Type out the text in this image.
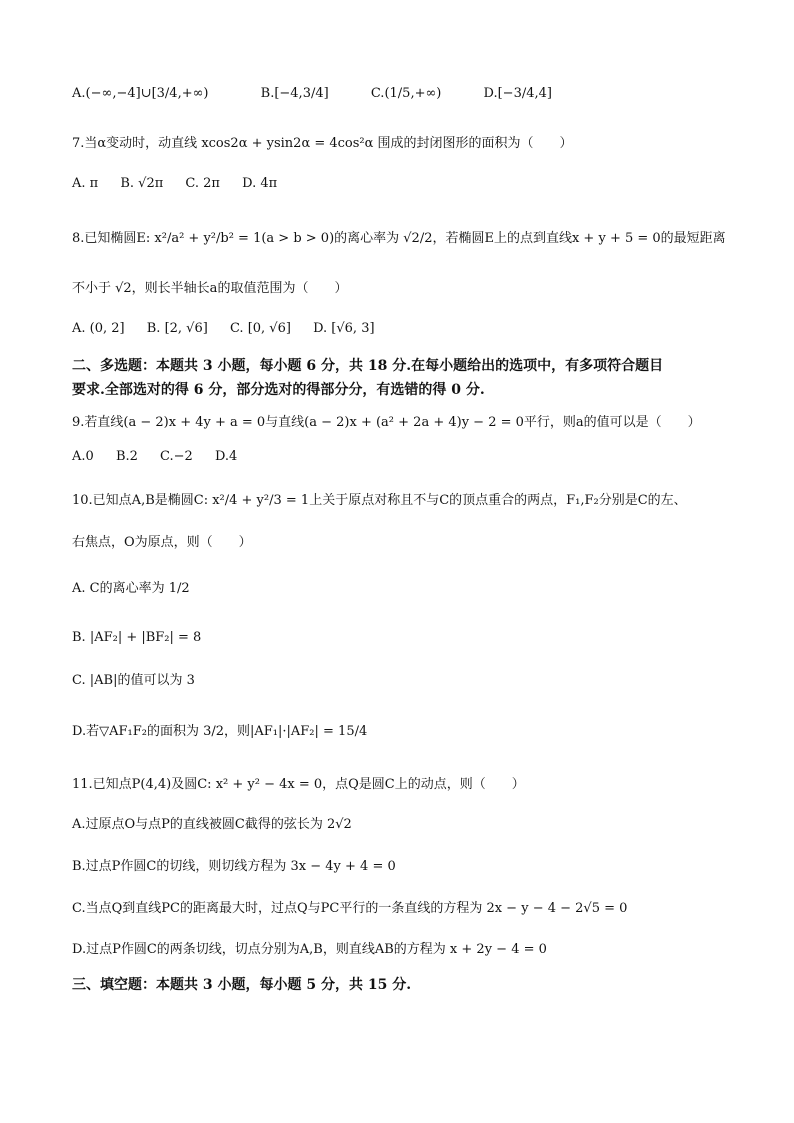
A.(−∞,−4]∪[3/4,+∞)	B.[−4,3/4]	C.(1/5,+∞)	D.[−3/4,4]
7.当α变动时，动直线 xcos2α + ysin2α = 4cos²α 围成的封闭图形的面积为（　　）
A. π B. √2π C. 2π D. 4π
8.已知椭圆E: x²/a² + y²/b² = 1(a > b > 0)的离心率为 √2/2，若椭圆E上的点到直线x + y + 5 = 0的最短距离
不小于 √2，则长半轴长a的取值范围为（　　）
A. (0, 2] B. [2, √6] C. [0, √6] D. [√6, 3]
二、多选题：本题共 3 小题，每小题 6 分，共 18 分.在每小题给出的选项中，有多项符合题目
要求.全部选对的得 6 分，部分选对的得部分分，有选错的得 0 分.
9.若直线(a − 2)x + 4y + a = 0与直线(a − 2)x + (a² + 2a + 4)y − 2 = 0平行，则a的值可以是（　　）
A.0 B.2 C.−2 D.4
10.已知点A,B是椭圆C: x²/4 + y²/3 = 1上关于原点对称且不与C的顶点重合的两点，F₁,F₂分别是C的左、
右焦点，O为原点，则（　　）
A. C的离心率为 1/2
B. |AF₂| + |BF₂| = 8
C. |AB|的值可以为 3
D.若▽AF₁F₂的面积为 3/2，则|AF₁|·|AF₂| = 15/4
11.已知点P(4,4)及圆C: x² + y² − 4x = 0，点Q是圆C上的动点，则（　　）
A.过原点O与点P的直线被圆C截得的弦长为 2√2
B.过点P作圆C的切线，则切线方程为 3x − 4y + 4 = 0
C.当点Q到直线PC的距离最大时，过点Q与PC平行的一条直线的方程为 2x − y − 4 − 2√5 = 0
D.过点P作圆C的两条切线，切点分别为A,B，则直线AB的方程为 x + 2y − 4 = 0
三、填空题：本题共 3 小题，每小题 5 分，共 15 分.
